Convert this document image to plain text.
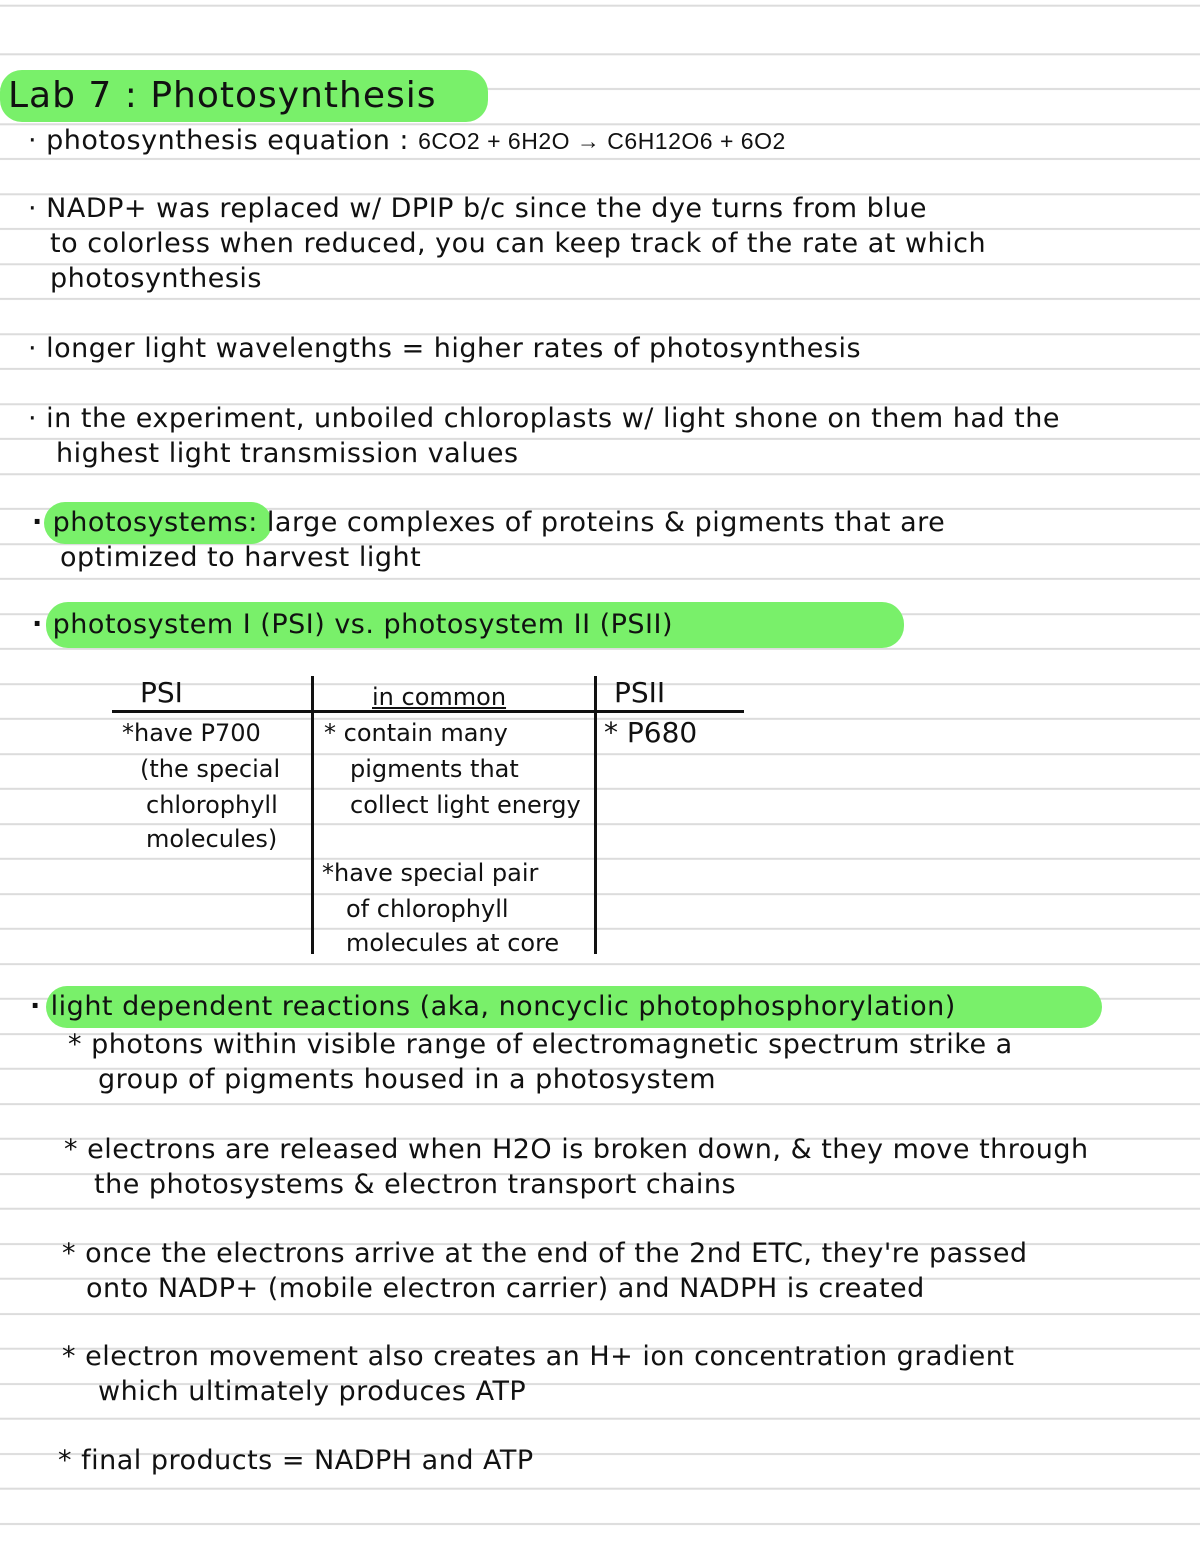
Lab 7 : Photosynthesis
· photosynthesis equation : 6CO2 + 6H2O → C6H12O6 + 6O2
· NADP+ was replaced w/ DPIP b/c since the dye turns from blue
to colorless when reduced, you can keep track of the rate at which
photosynthesis
· longer light wavelengths = higher rates of photosynthesis
· in the experiment, unboiled chloroplasts w/ light shone on them had the
highest light transmission values
· photosystems: large complexes of proteins & pigments that are
optimized to harvest light
· photosystem I (PSI) vs. photosystem II (PSII)
PSI	in common	PSII
*have P700
(the special
chlorophyll
molecules)
* contain many
pigments that
collect light energy
*have special pair
of chlorophyll
molecules at core
* P680
· light dependent reactions (aka, noncyclic photophosphorylation)
* photons within visible range of electromagnetic spectrum strike a
group of pigments housed in a photosystem
* electrons are released when H2O is broken down, & they move through
the photosystems & electron transport chains
* once the electrons arrive at the end of the 2nd ETC, they're passed
onto NADP+ (mobile electron carrier) and NADPH is created
* electron movement also creates an H+ ion concentration gradient
which ultimately produces ATP
* final products = NADPH and ATP
